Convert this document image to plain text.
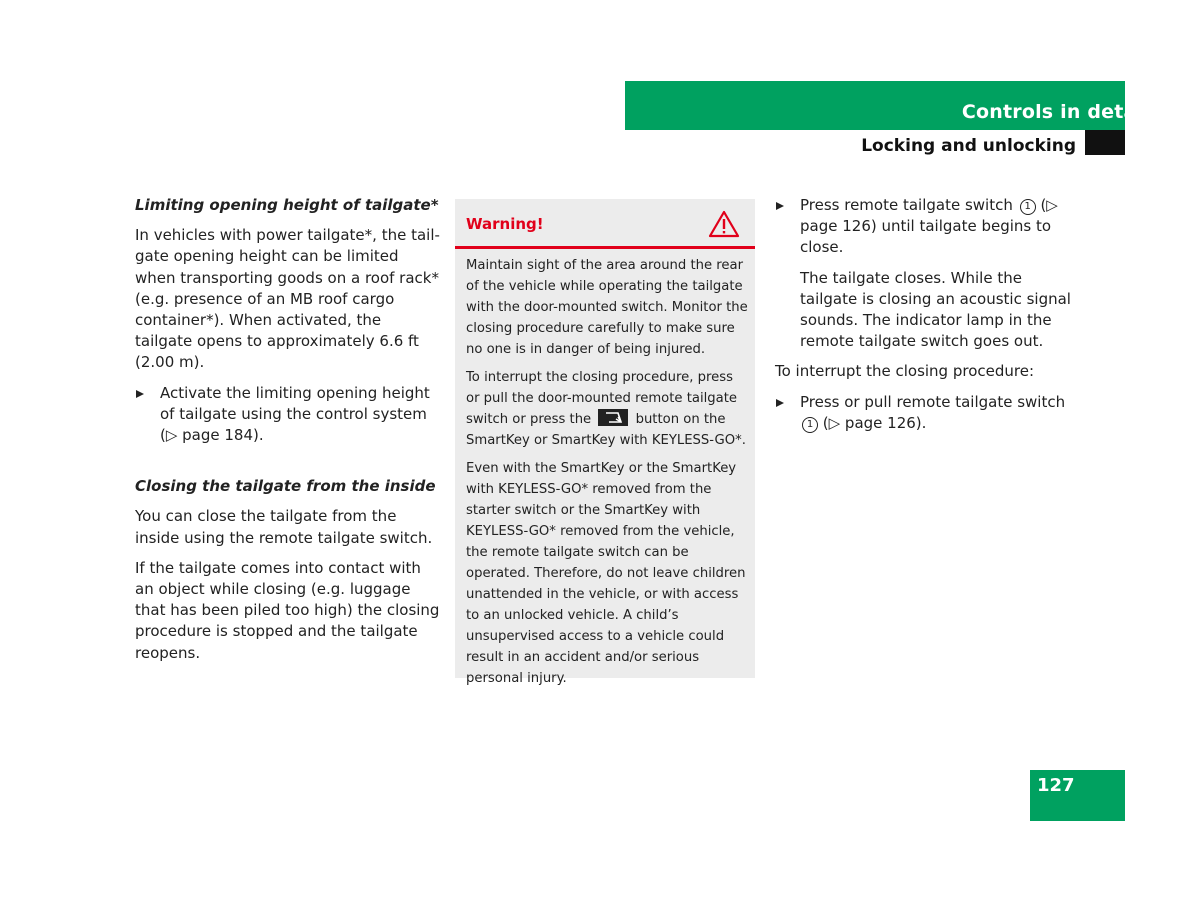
Controls in detail
Locking and unlocking
Limiting opening height of tailgate*

In vehicles with power tailgate*, the tail-gate opening height can be limited when transporting goods on a roof rack* (e.g. presence of an MB roof cargo container*). When activated, the tailgate opens to approximately 6.6 ft (2.00 m).

Activate the limiting opening height of tailgate using the control system (▷ page 184).
Closing the tailgate from the inside

You can close the tailgate from the inside using the remote tailgate switch.

If the tailgate comes into contact with an object while closing (e.g. luggage that has been piled too high) the closing procedure is stopped and the tailgate reopens.

Warning!

Maintain sight of the area around the rear of the vehicle while operating the tailgate with the door-mounted switch. Monitor the closing procedure carefully to make sure no one is in danger of being injured.

To interrupt the closing procedure, press or pull the door-mounted remote tailgate switch or press the	button on the SmartKey or SmartKey with KEYLESS-GO*.

Even with the SmartKey or the SmartKey with KEYLESS-GO* removed from the starter switch or the SmartKey with KEYLESS-GO* removed from the vehicle, the remote tailgate switch can be operated. Therefore, do not leave children unattended in the vehicle, or with access to an unlocked vehicle. A child’s unsupervised access to a vehicle could result in an accident and/or serious personal injury.

Press remote tailgate switch 1 (▷ page 126) until tailgate begins to close.

The tailgate closes. While the tailgate is closing an acoustic signal sounds. The indicator lamp in the remote tailgate switch goes out.

To interrupt the closing procedure:

Press or pull remote tailgate switch 1 (▷ page 126).
127
